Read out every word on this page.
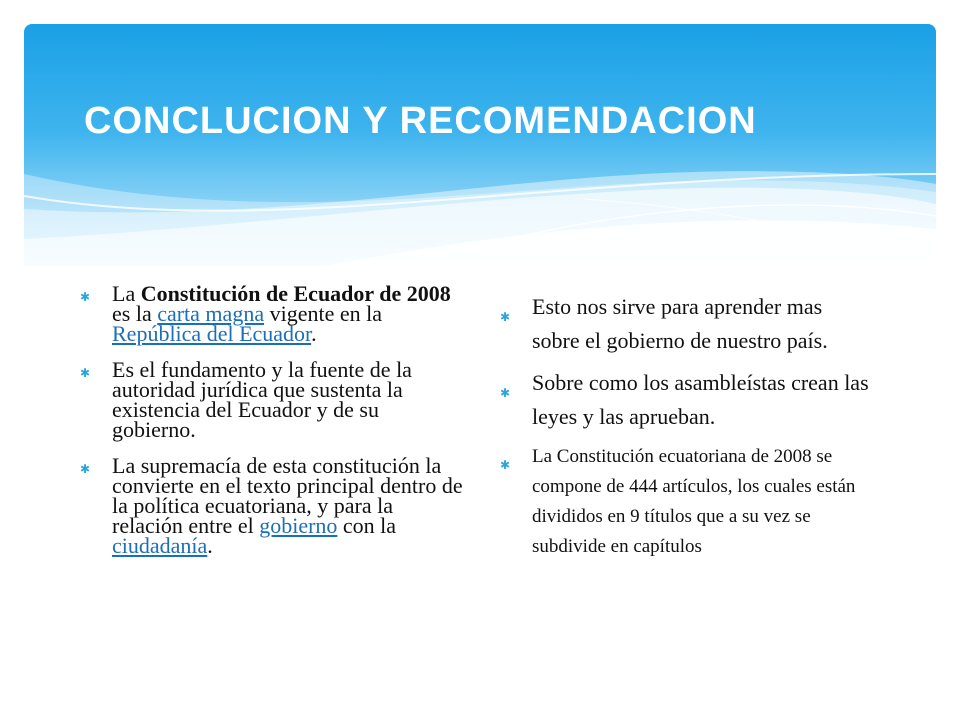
CONCLUCION Y RECOMENDACION
✱ La Constitución de Ecuador de 2008 es la carta magna vigente en la República del Ecuador.
✱ Es el fundamento y la fuente de la autoridad jurídica que sustenta la existencia del Ecuador y de su gobierno.
✱ La supremacía de esta constitución la convierte en el texto principal dentro de la política ecuatoriana, y para la relación entre el gobierno con la ciudadanía.
✱ Esto nos sirve para aprender mas sobre el gobierno de nuestro país.
✱ Sobre como los asambleístas crean las leyes y las aprueban.
✱ La Constitución ecuatoriana de 2008 se compone de 444 artículos, los cuales están divididos en 9 títulos que a su vez se subdivide en capítulos
